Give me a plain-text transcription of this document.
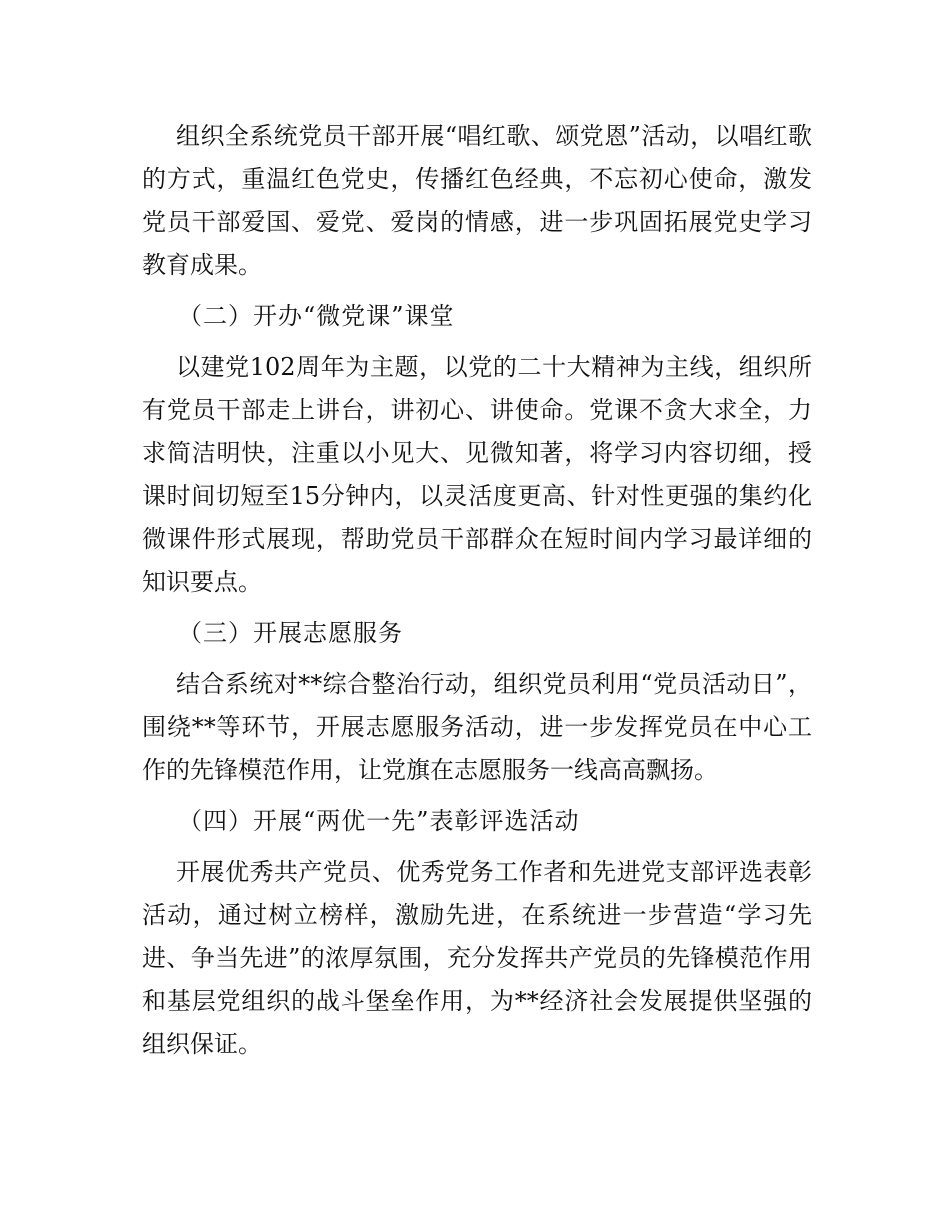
组织全系统党员干部开展“唱红歌、颂党恩”活动，以唱红歌的方式，重温红色党史，传播红色经典，不忘初心使命，激发党员干部爱国、爱党、爱岗的情感，进一步巩固拓展党史学习教育成果。

（二）开办“微党课”课堂

以建党102周年为主题，以党的二十大精神为主线，组织所有党员干部走上讲台，讲初心、讲使命。党课不贪大求全，力求简洁明快，注重以小见大、见微知著，将学习内容切细，授课时间切短至15分钟内，以灵活度更高、针对性更强的集约化微课件形式展现，帮助党员干部群众在短时间内学习最详细的知识要点。

（三）开展志愿服务

结合系统对**综合整治行动，组织党员利用“党员活动日”，围绕**等环节，开展志愿服务活动，进一步发挥党员在中心工作的先锋模范作用，让党旗在志愿服务一线高高飘扬。

（四）开展“两优一先”表彰评选活动

开展优秀共产党员、优秀党务工作者和先进党支部评选表彰活动，通过树立榜样，激励先进，在系统进一步营造“学习先进、争当先进”的浓厚氛围，充分发挥共产党员的先锋模范作用和基层党组织的战斗堡垒作用，为**经济社会发展提供坚强的组织保证。
